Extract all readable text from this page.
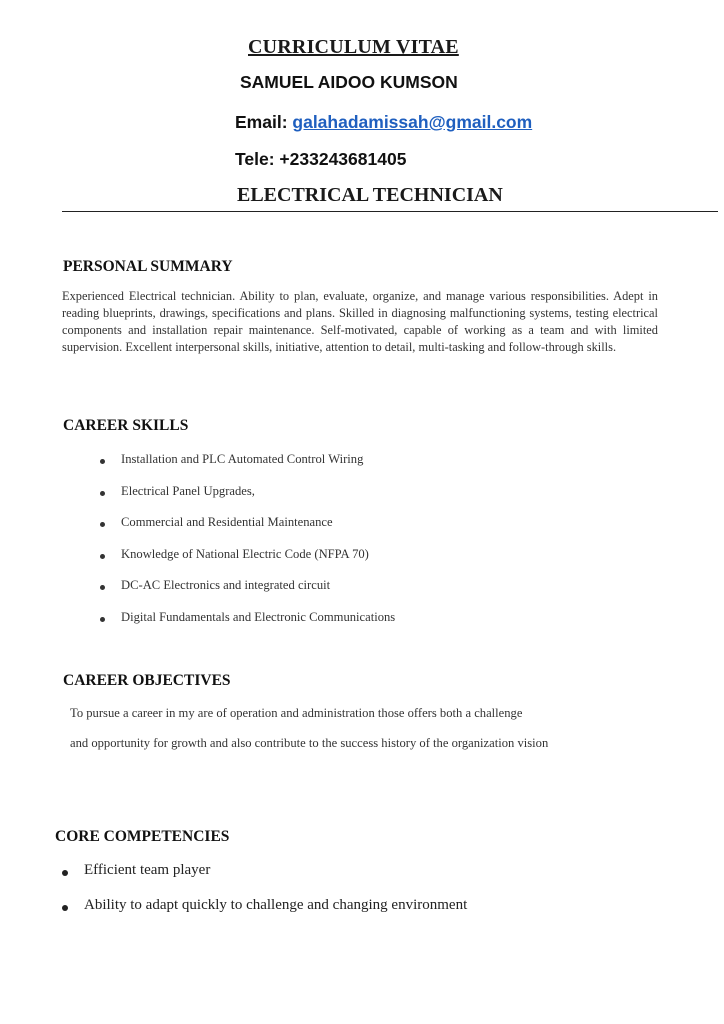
CURRICULUM VITAE
SAMUEL AIDOO KUMSON
Email: galahadamissah@gmail.com
Tele: +233243681405
ELECTRICAL TECHNICIAN
PERSONAL SUMMARY
Experienced Electrical technician. Ability to plan, evaluate, organize, and manage various responsibilities. Adept in reading blueprints, drawings, specifications and plans. Skilled in diagnosing malfunctioning systems, testing electrical components and installation repair maintenance. Self-motivated, capable of working as a team and with limited supervision. Excellent interpersonal skills, initiative, attention to detail, multi-tasking and follow-through skills.
CAREER SKILLS
Installation and PLC Automated Control Wiring
Electrical Panel Upgrades,
Commercial and Residential Maintenance
Knowledge of National Electric Code (NFPA 70)
DC-AC Electronics and integrated circuit
Digital Fundamentals and Electronic Communications
CAREER OBJECTIVES
To pursue a career in my are of operation and administration those offers both a challenge
and opportunity for growth and also contribute to the success history of the organization vision
CORE COMPETENCIES
Efficient team player
Ability to adapt quickly to challenge and changing environment
